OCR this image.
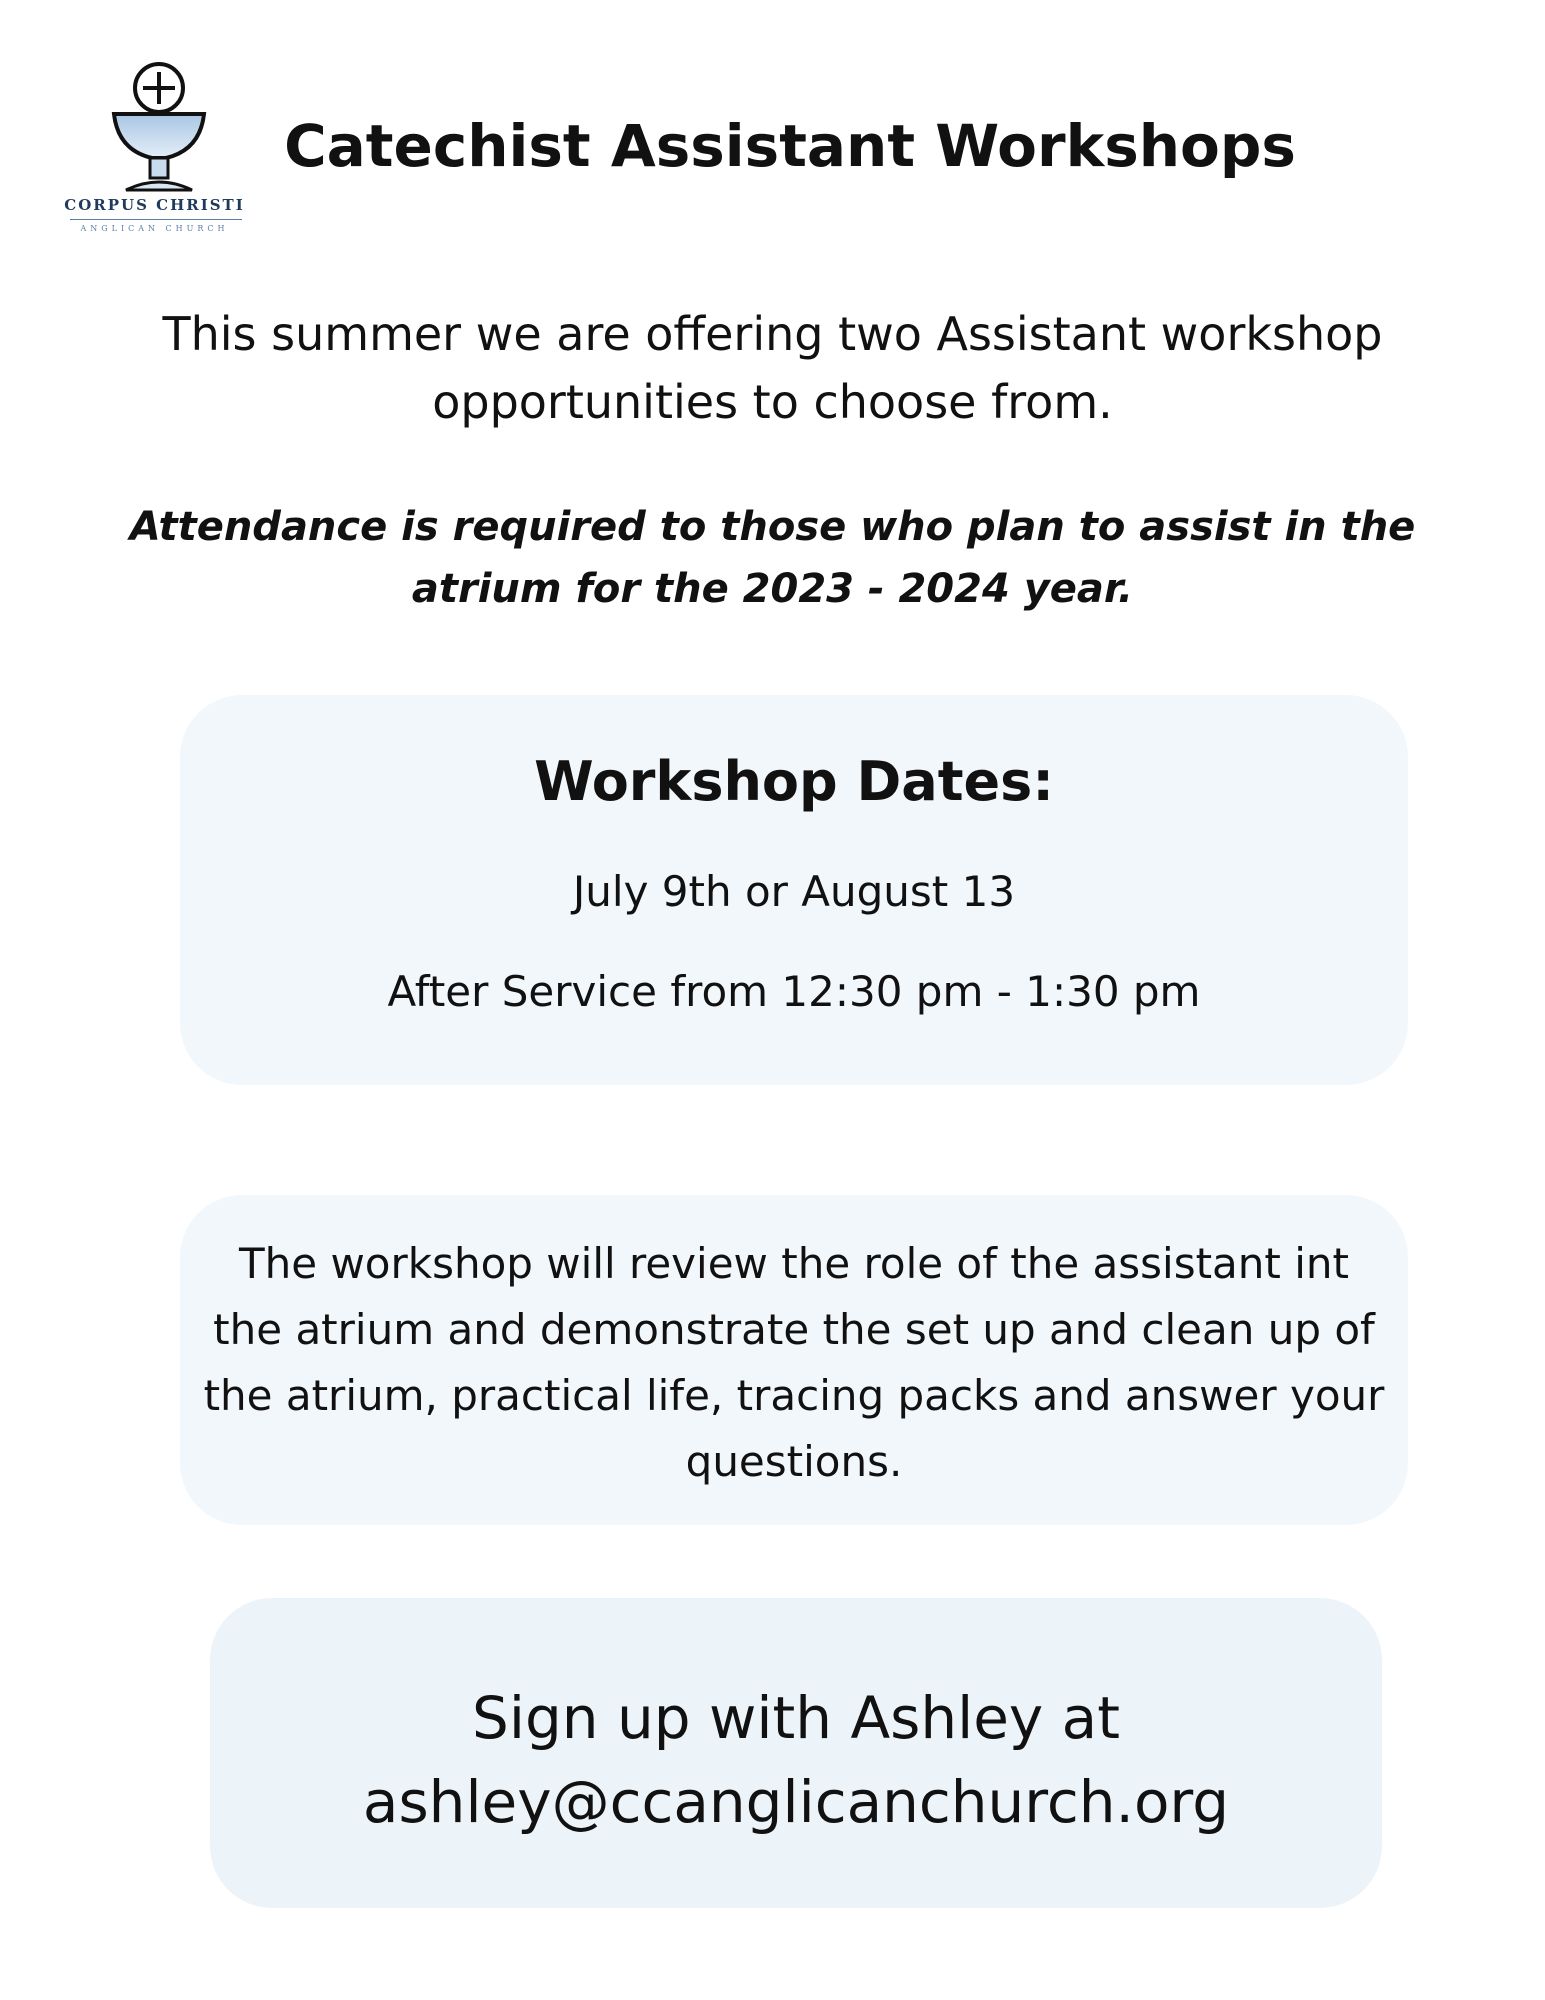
CORPUS CHRISTI
ANGLICAN CHURCH
Catechist Assistant Workshops

This summer we are offering two Assistant workshop opportunities to choose from.

Attendance is required to those who plan to assist in the atrium for the 2023 - 2024 year.

Workshop Dates:

July 9th or August 13

After Service from 12:30 pm - 1:30 pm

The workshop will review the role of the assistant int the atrium and demonstrate the set up and clean up of the atrium, practical life, tracing packs and answer your questions.

Sign up with Ashley at
ashley@ccanglicanchurch.org
